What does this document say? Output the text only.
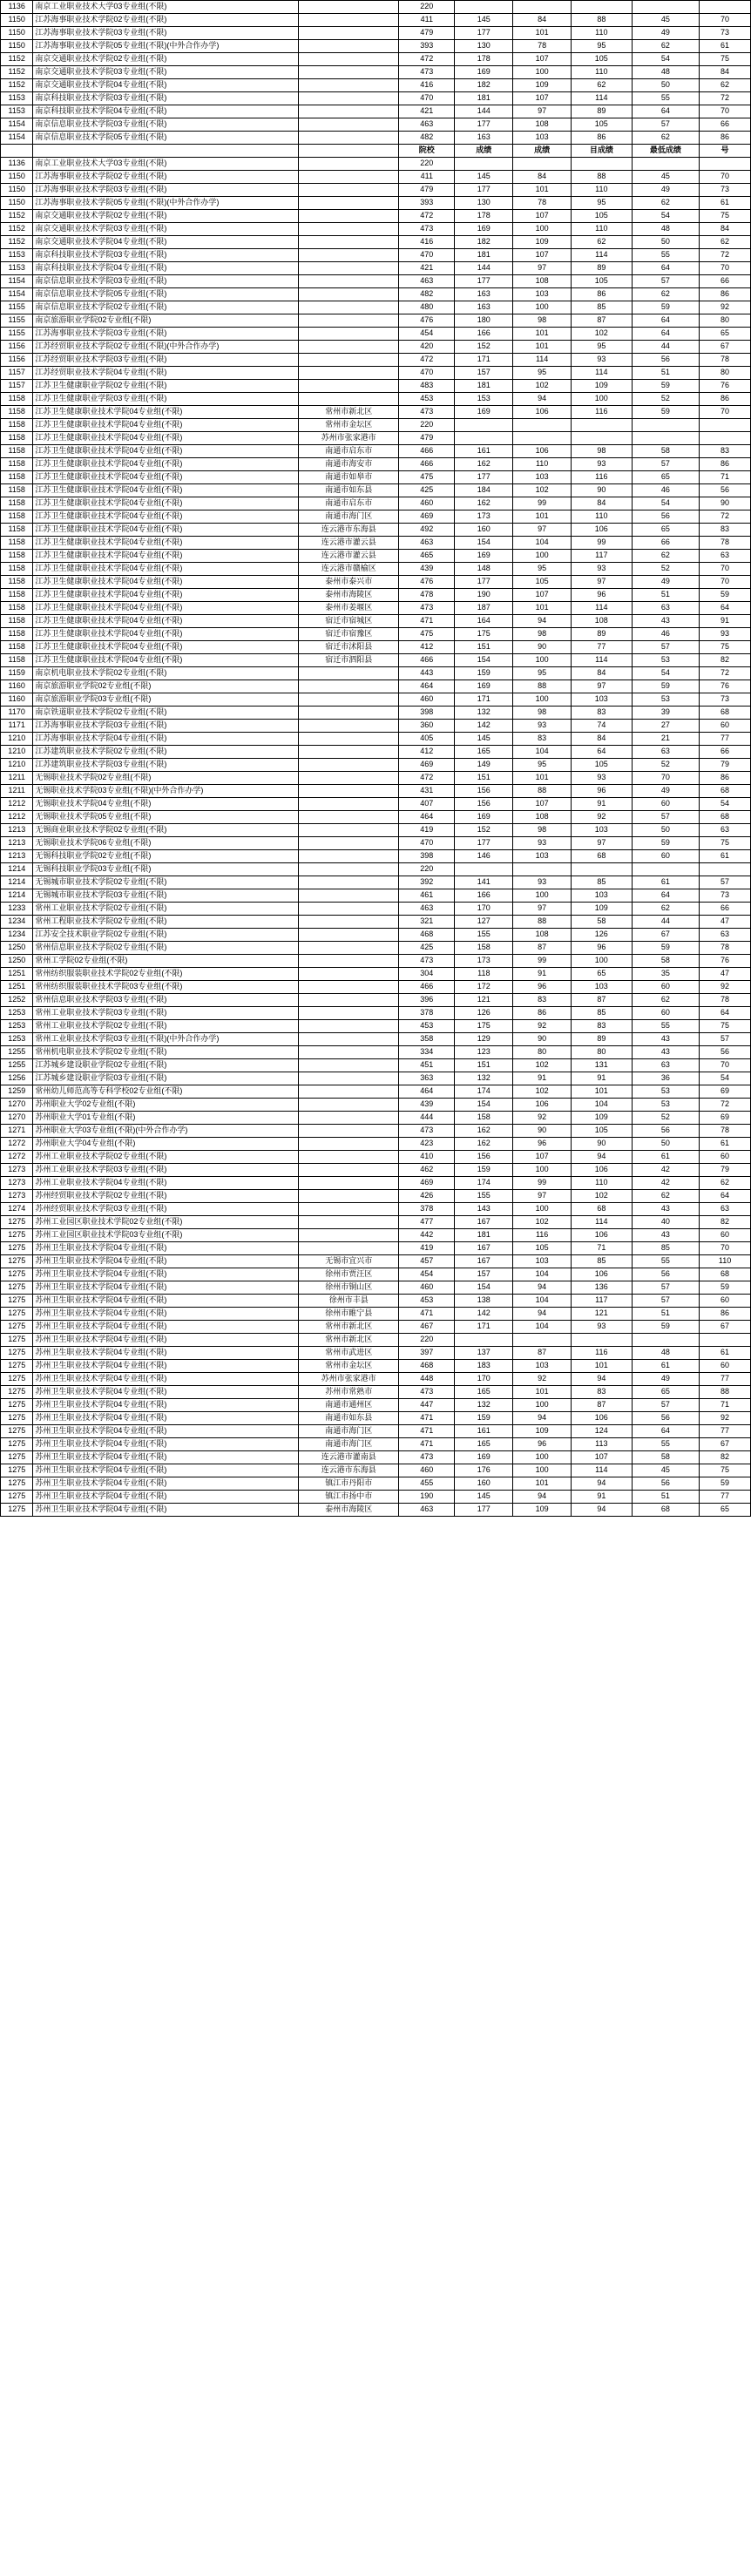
1136	南京工业职业技术大学03专业组(不限)		220					
1150	江苏海事职业技术学院02专业组(不限)		411	145	84	88	45	70
1150	江苏海事职业技术学院03专业组(不限)		479	177	101	110	49	73
1150	江苏海事职业技术学院05专业组(不限)(中外合作办学)		393	130	78	95	62	61
1152	南京交通职业技术学院02专业组(不限)		472	178	107	105	54	75
1152	南京交通职业技术学院03专业组(不限)		473	169	100	110	48	84
1152	南京交通职业技术学院04专业组(不限)		416	182	109	62	50	62
1153	南京科技职业技术学院03专业组(不限)		470	181	107	114	55	72
1153	南京科技职业技术学院04专业组(不限)		421	144	97	89	64	70
1154	南京信息职业技术学院03专业组(不限)		463	177	108	105	57	66
1154	南京信息职业技术学院05专业组(不限)		482	163	103	86	62	86
			院校	成绩	成绩	目成绩	最低成绩	号
1136	南京工业职业技术大学03专业组(不限)		220					
1150	江苏海事职业技术学院02专业组(不限)		411	145	84	88	45	70
1150	江苏海事职业技术学院03专业组(不限)		479	177	101	110	49	73
1150	江苏海事职业技术学院05专业组(不限)(中外合作办学)		393	130	78	95	62	61
1152	南京交通职业技术学院02专业组(不限)		472	178	107	105	54	75
1152	南京交通职业技术学院03专业组(不限)		473	169	100	110	48	84
1152	南京交通职业技术学院04专业组(不限)		416	182	109	62	50	62
1153	南京科技职业技术学院03专业组(不限)		470	181	107	114	55	72
1153	南京科技职业技术学院04专业组(不限)		421	144	97	89	64	70
1154	南京信息职业技术学院03专业组(不限)		463	177	108	105	57	66
1154	南京信息职业技术学院05专业组(不限)		482	163	103	86	62	86
1155	南京信息职业技术学院02专业组(不限)		480	163	100	85	59	92
1155	南京旅游职业学院02专业组(不限)		476	180	98	87	64	80
1155	江苏海事职业技术学院03专业组(不限)		454	166	101	102	64	65
1156	江苏经贸职业技术学院02专业组(不限)(中外合作办学)		420	152	101	95	44	67
1156	江苏经贸职业技术学院03专业组(不限)		472	171	114	93	56	78
1157	江苏经贸职业技术学院04专业组(不限)		470	157	95	114	51	80
1157	江苏卫生健康职业学院02专业组(不限)		483	181	102	109	59	76
1158	江苏卫生健康职业学院03专业组(不限)		453	153	94	100	52	86
1158	江苏卫生健康职业技术学院04专业组(不限)	常州市新北区	473	169	106	116	59	70
1158	江苏卫生健康职业技术学院04专业组(不限)	常州市金坛区	220					
1158	江苏卫生健康职业技术学院04专业组(不限)	苏州市张家港市	479					
1158	江苏卫生健康职业技术学院04专业组(不限)	南通市启东市	466	161	106	98	58	83
1158	江苏卫生健康职业技术学院04专业组(不限)	南通市海安市	466	162	110	93	57	86
1158	江苏卫生健康职业技术学院04专业组(不限)	南通市如皋市	475	177	103	116	65	71
1158	江苏卫生健康职业技术学院04专业组(不限)	南通市如东县	425	184	102	90	46	56
1158	江苏卫生健康职业技术学院04专业组(不限)	南通市启东市	460	162	99	84	54	90
1158	江苏卫生健康职业技术学院04专业组(不限)	南通市海门区	469	173	101	110	56	72
1158	江苏卫生健康职业技术学院04专业组(不限)	连云港市东海县	492	160	97	106	65	83
1158	江苏卫生健康职业技术学院04专业组(不限)	连云港市灌云县	463	154	104	99	66	78
1158	江苏卫生健康职业技术学院04专业组(不限)	连云港市灌云县	465	169	100	117	62	63
1158	江苏卫生健康职业技术学院04专业组(不限)	连云港市赣榆区	439	148	95	93	52	70
1158	江苏卫生健康职业技术学院04专业组(不限)	泰州市泰兴市	476	177	105	97	49	70
1158	江苏卫生健康职业技术学院04专业组(不限)	泰州市海陵区	478	190	107	96	51	59
1158	江苏卫生健康职业技术学院04专业组(不限)	泰州市姜堰区	473	187	101	114	63	64
1158	江苏卫生健康职业技术学院04专业组(不限)	宿迁市宿城区	471	164	94	108	43	91
1158	江苏卫生健康职业技术学院04专业组(不限)	宿迁市宿豫区	475	175	98	89	46	93
1158	江苏卫生健康职业技术学院04专业组(不限)	宿迁市沭阳县	412	151	90	77	57	75
1158	江苏卫生健康职业技术学院04专业组(不限)	宿迁市泗阳县	466	154	100	114	53	82
1159	南京机电职业技术学院02专业组(不限)		443	159	95	84	54	72
1160	南京旅游职业学院02专业组(不限)		464	169	88	97	59	76
1160	南京旅游职业学院03专业组(不限)		460	171	100	103	53	73
1170	南京铁道职业技术学院02专业组(不限)		398	132	98	83	39	68
1171	江苏海事职业技术学院03专业组(不限)		360	142	93	74	27	60
1210	江苏海事职业技术学院04专业组(不限)		405	145	83	84	21	77
1210	江苏建筑职业技术学院02专业组(不限)		412	165	104	64	63	66
1210	江苏建筑职业技术学院03专业组(不限)		469	149	95	105	52	79
1211	无锡职业技术学院02专业组(不限)		472	151	101	93	70	86
1211	无锡职业技术学院03专业组(不限)(中外合作办学)		431	156	88	96	49	68
1212	无锡职业技术学院04专业组(不限)		407	156	107	91	60	54
1212	无锡职业技术学院05专业组(不限)		464	169	108	92	57	68
1213	无锡商业职业技术学院02专业组(不限)		419	152	98	103	50	63
1213	无锡职业技术学院06专业组(不限)		470	177	93	97	59	75
1213	无锡科技职业学院02专业组(不限)		398	146	103	68	60	61
1214	无锡科技职业学院03专业组(不限)		220					
1214	无锡城市职业技术学院02专业组(不限)		392	141	93	85	61	57
1214	无锡城市职业技术学院03专业组(不限)		461	166	100	103	64	73
1233	常州工业职业技术学院02专业组(不限)		463	170	97	109	62	66
1234	常州工程职业技术学院02专业组(不限)		321	127	88	58	44	47
1234	江苏安全技术职业学院02专业组(不限)		468	155	108	126	67	63
1250	常州信息职业技术学院02专业组(不限)		425	158	87	96	59	78
1250	常州工学院02专业组(不限)		473	173	99	100	58	76
1251	常州纺织服装职业技术学院02专业组(不限)		304	118	91	65	35	47
1251	常州纺织服装职业技术学院03专业组(不限)		466	172	96	103	60	92
1252	常州信息职业技术学院03专业组(不限)		396	121	83	87	62	78
1253	常州工业职业技术学院03专业组(不限)		378	126	86	85	60	64
1253	常州工业职业技术学院02专业组(不限)		453	175	92	83	55	75
1253	常州工业职业技术学院03专业组(不限)(中外合作办学)		358	129	90	89	43	57
1255	常州机电职业技术学院02专业组(不限)		334	123	80	80	43	56
1255	江苏城乡建设职业学院02专业组(不限)		451	151	102	131	63	70
1256	江苏城乡建设职业学院03专业组(不限)		363	132	91	91	36	54
1259	常州幼儿师范高等专科学校02专业组(不限)		464	174	102	101	53	69
1270	苏州职业大学02专业组(不限)		439	154	106	104	53	72
1270	苏州职业大学01专业组(不限)		444	158	92	109	52	69
1271	苏州职业大学03专业组(不限)(中外合作办学)		473	162	90	105	56	78
1272	苏州职业大学04专业组(不限)		423	162	96	90	50	61
1272	苏州工业职业技术学院02专业组(不限)		410	156	107	94	61	60
1273	苏州工业职业技术学院03专业组(不限)		462	159	100	106	42	79
1273	苏州工业职业技术学院04专业组(不限)		469	174	99	110	42	62
1273	苏州经贸职业技术学院02专业组(不限)		426	155	97	102	62	64
1274	苏州经贸职业技术学院03专业组(不限)		378	143	100	68	43	63
1275	苏州工业园区职业技术学院02专业组(不限)		477	167	102	114	40	82
1275	苏州工业园区职业技术学院03专业组(不限)		442	181	116	106	43	60
1275	苏州卫生职业技术学院04专业组(不限)		419	167	105	71	85	70
1275	苏州卫生职业技术学院04专业组(不限)	无锡市宜兴市	457	167	103	85	55	110
1275	苏州卫生职业技术学院04专业组(不限)	徐州市贾汪区	454	157	104	106	56	68
1275	苏州卫生职业技术学院04专业组(不限)	徐州市铜山区	460	154	94	136	57	59
1275	苏州卫生职业技术学院04专业组(不限)	徐州市丰县	453	138	104	117	57	60
1275	苏州卫生职业技术学院04专业组(不限)	徐州市睢宁县	471	142	94	121	51	86
1275	苏州卫生职业技术学院04专业组(不限)	常州市新北区	467	171	104	93	59	67
1275	苏州卫生职业技术学院04专业组(不限)	常州市新北区	220					
1275	苏州卫生职业技术学院04专业组(不限)	常州市武进区	397	137	87	116	48	61
1275	苏州卫生职业技术学院04专业组(不限)	常州市金坛区	468	183	103	101	61	60
1275	苏州卫生职业技术学院04专业组(不限)	苏州市张家港市	448	170	92	94	49	77
1275	苏州卫生职业技术学院04专业组(不限)	苏州市常熟市	473	165	101	83	65	88
1275	苏州卫生职业技术学院04专业组(不限)	南通市通州区	447	132	100	87	57	71
1275	苏州卫生职业技术学院04专业组(不限)	南通市如东县	471	159	94	106	56	92
1275	苏州卫生职业技术学院04专业组(不限)	南通市海门区	471	161	109	124	64	77
1275	苏州卫生职业技术学院04专业组(不限)	南通市海门区	471	165	96	113	55	67
1275	苏州卫生职业技术学院04专业组(不限)	连云港市灌南县	473	169	100	107	58	82
1275	苏州卫生职业技术学院04专业组(不限)	连云港市东海县	460	176	100	114	45	75
1275	苏州卫生职业技术学院04专业组(不限)	镇江市丹阳市	455	160	101	94	56	59
1275	苏州卫生职业技术学院04专业组(不限)	镇江市扬中市	190	145	94	91	51	77
1275	苏州卫生职业技术学院04专业组(不限)	泰州市海陵区	463	177	109	94	68	65
